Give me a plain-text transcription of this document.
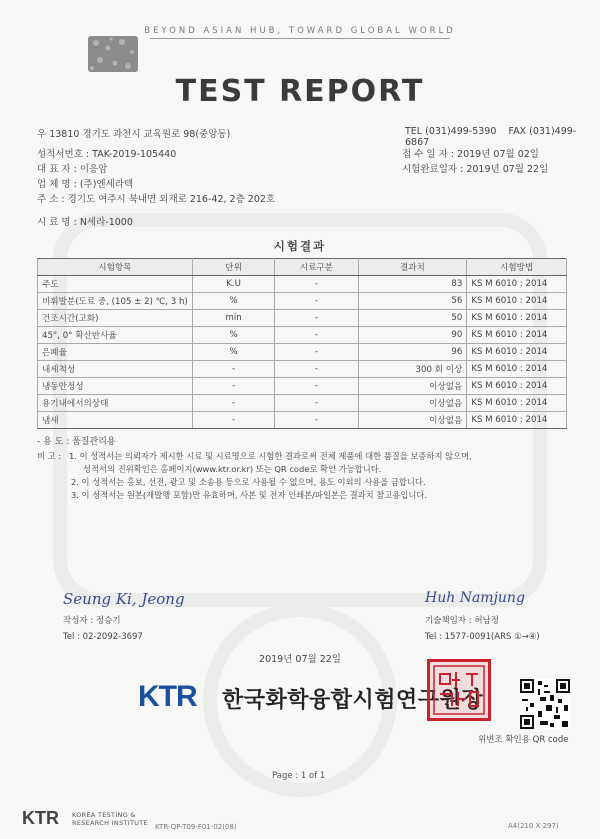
BEYOND ASIAN HUB, TOWARD GLOBAL WORLD
TEST REPORT
우 13810 경기도 과천시 교육원로 98(중앙동)	TEL (031)499-5390 FAX (031)499-6867
성적서번호 : TAK-2019-105440
대 표 자 : 이응암
업 체 명 : (주)엔세라텍
주 소 : 경기도 여주시 북내면 외재로 216-42, 2층 202호
시 료 명 : N세라-1000
접 수 일 자 : 2019년 07월 02일
시험완료일자 : 2019년 07월 22일
시험결과
시험항목	단위	시료구분	결과치	시험방법
주도	K.U	-	83	KS M 6010 : 2014
비휘발분(도료 중, (105 ± 2) ℃, 3 h)	%	-	56	KS M 6010 : 2014
건조시간(고화)	min	-	50	KS M 6010 : 2014
45°, 0° 확산반사율	%	-	90	KS M 6010 : 2014
은폐율	%	-	96	KS M 6010 : 2014
내세척성	-	-	300 회 이상	KS M 6010 : 2014
냉동안정성	-	-	이상없음	KS M 6010 : 2014
용기내에서의상태	-	-	이상없음	KS M 6010 : 2014
냄새	-	-	이상없음	KS M 6010 : 2014
- 용 도 : 품질관리용
비 고 : 1. 이 성적서는 의뢰자가 제시한 시료 및 시료명으로 시험한 결과로써 전체 제품에 대한 품질을 보증하지 않으며,
성적서의 진위확인은 홈페이지(www.ktr.or.kr) 또는 QR code로 확인 가능합니다.
2. 이 성적서는 홍보, 선전, 광고 및 소송용 등으로 사용될 수 없으며, 용도 이외의 사용을 금합니다.
3. 이 성적서는 원본(재발행 포함)만 유효하며, 사본 및 전자 인쇄본/파일본은 결과치 참고용입니다.
Seung Ki, Jeong
작성자 : 정승기
Tel : 02-2092-3697
Huh Namjung
기술책임자 : 허남정
Tel : 1577-0091(ARS ①→④)
2019년 07월 22일
KTR 한국화학융합시험연구원장
위변조 확인용 QR code
Page : 1 of 1
KTR KOREA TESTING &
RESEARCH INSTITUTE KTR-QP-T09-F01-02(08)	A4(210 X 297)
